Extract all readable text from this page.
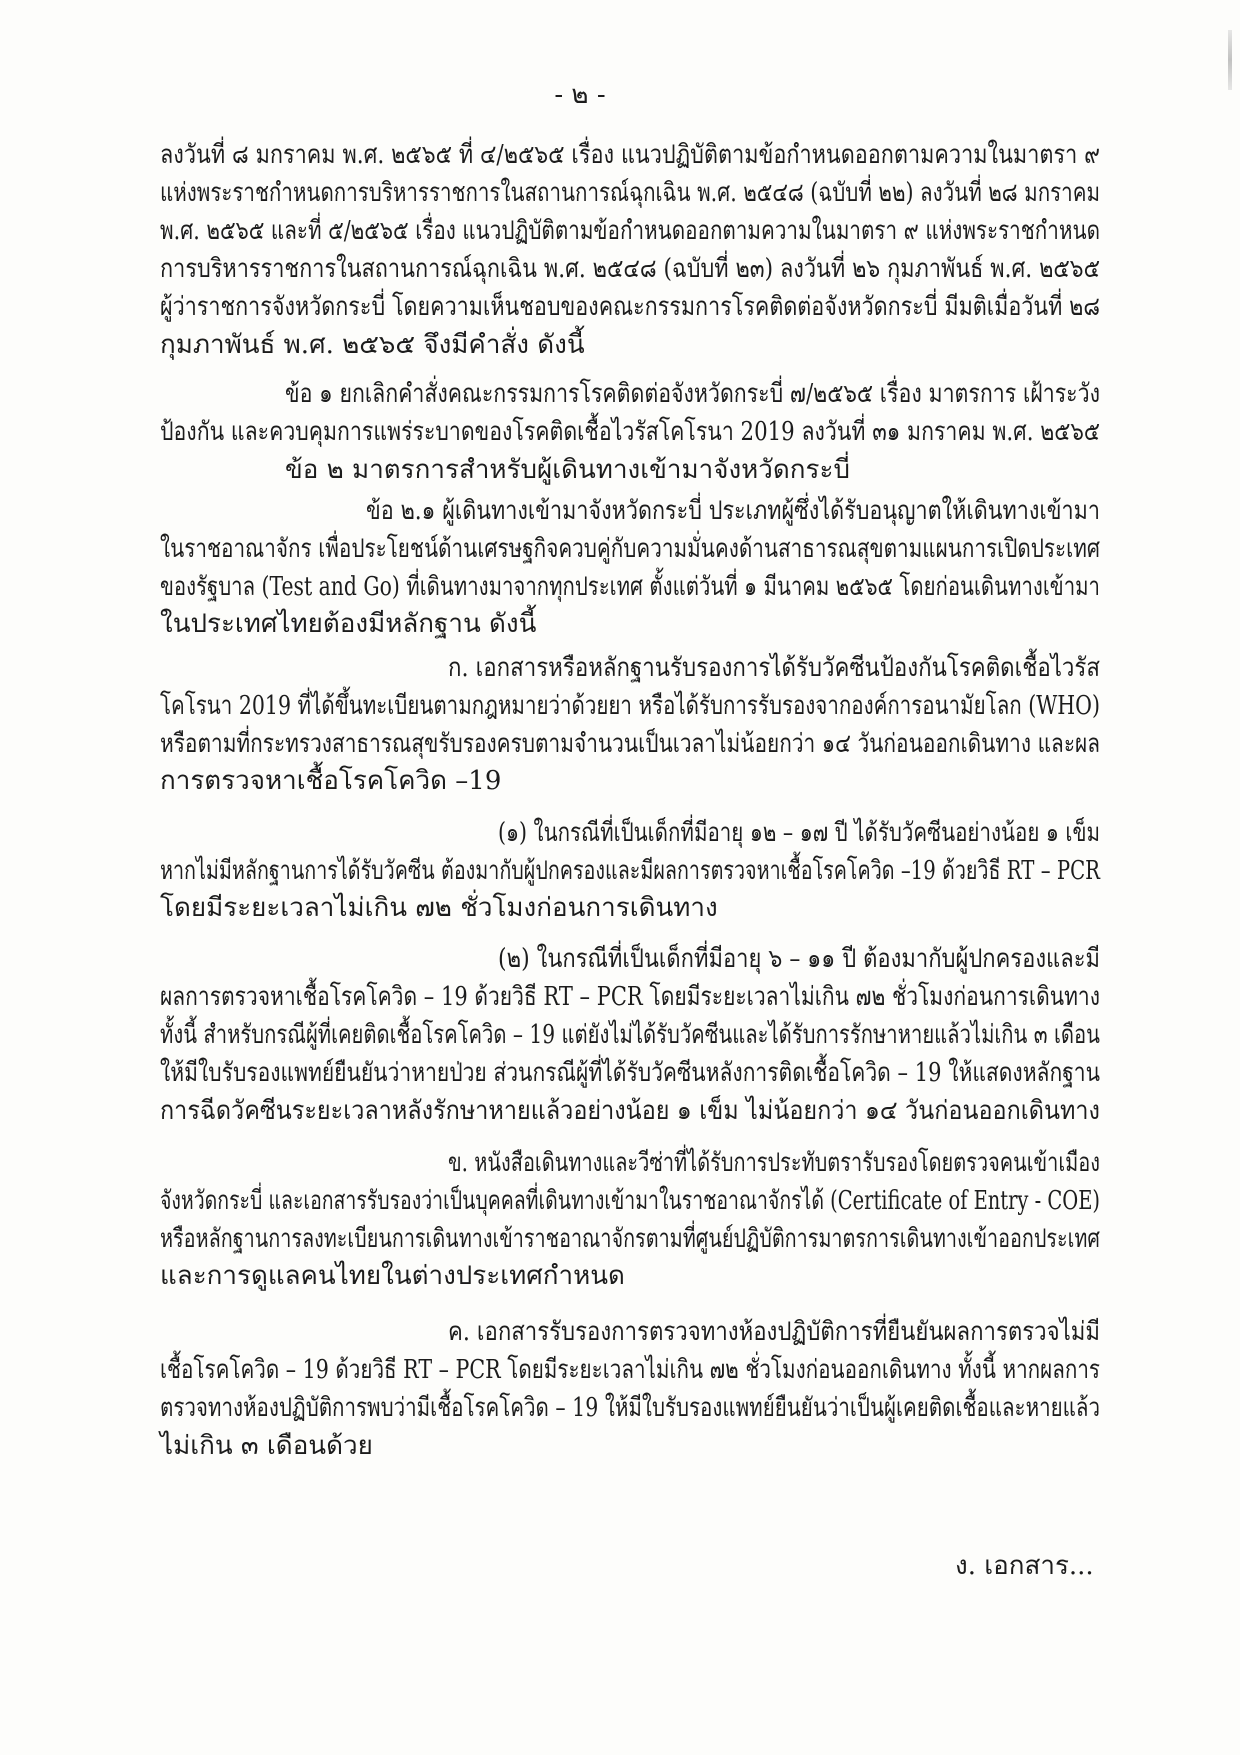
- ๒ -
ลงวันที่ ๘ มกราคม พ.ศ. ๒๕๖๕ ที่ ๔/๒๕๖๕ เรื่อง แนวปฏิบัติตามข้อกำหนดออกตามความในมาตรา ๙
แห่งพระราชกำหนดการบริหารราชการในสถานการณ์ฉุกเฉิน พ.ศ. ๒๕๔๘ (ฉบับที่ ๒๒) ลงวันที่ ๒๘ มกราคม
พ.ศ. ๒๕๖๕ และที่ ๕/๒๕๖๕ เรื่อง แนวปฏิบัติตามข้อกำหนดออกตามความในมาตรา ๙ แห่งพระราชกำหนด
การบริหารราชการในสถานการณ์ฉุกเฉิน พ.ศ. ๒๕๔๘ (ฉบับที่ ๒๓) ลงวันที่ ๒๖ กุมภาพันธ์ พ.ศ. ๒๕๖๕
ผู้ว่าราชการจังหวัดกระบี่ โดยความเห็นชอบของคณะกรรมการโรคติดต่อจังหวัดกระบี่ มีมติเมื่อวันที่ ๒๘
กุมภาพันธ์ พ.ศ. ๒๕๖๕ จึงมีคำสั่ง ดังนี้
ข้อ ๑ ยกเลิกคำสั่งคณะกรรมการโรคติดต่อจังหวัดกระบี่ ๗/๒๕๖๕ เรื่อง มาตรการ เฝ้าระวัง
ป้องกัน และควบคุมการแพร่ระบาดของโรคติดเชื้อไวรัสโคโรนา 2019 ลงวันที่ ๓๑ มกราคม พ.ศ. ๒๕๖๕
ข้อ ๒ มาตรการสำหรับผู้เดินทางเข้ามาจังหวัดกระบี่
ข้อ ๒.๑ ผู้เดินทางเข้ามาจังหวัดกระบี่ ประเภทผู้ซึ่งได้รับอนุญาตให้เดินทางเข้ามา
ในราชอาณาจักร เพื่อประโยชน์ด้านเศรษฐกิจควบคู่กับความมั่นคงด้านสาธารณสุขตามแผนการเปิดประเทศ
ของรัฐบาล (Test and Go) ที่เดินทางมาจากทุกประเทศ ตั้งแต่วันที่ ๑ มีนาคม ๒๕๖๕ โดยก่อนเดินทางเข้ามา
ในประเทศไทยต้องมีหลักฐาน ดังนี้
ก. เอกสารหรือหลักฐานรับรองการได้รับวัคซีนป้องกันโรคติดเชื้อไวรัส
โคโรนา 2019 ที่ได้ขึ้นทะเบียนตามกฎหมายว่าด้วยยา หรือได้รับการรับรองจากองค์การอนามัยโลก (WHO)
หรือตามที่กระทรวงสาธารณสุขรับรองครบตามจำนวนเป็นเวลาไม่น้อยกว่า ๑๔ วันก่อนออกเดินทาง และผล
การตรวจหาเชื้อโรคโควิด –19
(๑) ในกรณีที่เป็นเด็กที่มีอายุ ๑๒ – ๑๗ ปี ได้รับวัคซีนอย่างน้อย ๑ เข็ม
หากไม่มีหลักฐานการได้รับวัคซีน ต้องมากับผู้ปกครองและมีผลการตรวจหาเชื้อโรคโควิด –19 ด้วยวิธี RT – PCR
โดยมีระยะเวลาไม่เกิน ๗๒ ชั่วโมงก่อนการเดินทาง
(๒) ในกรณีที่เป็นเด็กที่มีอายุ ๖ – ๑๑ ปี ต้องมากับผู้ปกครองและมี
ผลการตรวจหาเชื้อโรคโควิด – 19 ด้วยวิธี RT – PCR โดยมีระยะเวลาไม่เกิน ๗๒ ชั่วโมงก่อนการเดินทาง
ทั้งนี้ สำหรับกรณีผู้ที่เคยติดเชื้อโรคโควิด – 19 แต่ยังไม่ได้รับวัคซีนและได้รับการรักษาหายแล้วไม่เกิน ๓ เดือน
ให้มีใบรับรองแพทย์ยืนยันว่าหายป่วย ส่วนกรณีผู้ที่ได้รับวัคซีนหลังการติดเชื้อโควิด – 19 ให้แสดงหลักฐาน
การฉีดวัคซีนระยะเวลาหลังรักษาหายแล้วอย่างน้อย ๑ เข็ม ไม่น้อยกว่า ๑๔ วันก่อนออกเดินทาง
ข. หนังสือเดินทางและวีซ่าที่ได้รับการประทับตรารับรองโดยตรวจคนเข้าเมือง
จังหวัดกระบี่ และเอกสารรับรองว่าเป็นบุคคลที่เดินทางเข้ามาในราชอาณาจักรได้ (Certificate of Entry - COE)
หรือหลักฐานการลงทะเบียนการเดินทางเข้าราชอาณาจักรตามที่ศูนย์ปฏิบัติการมาตรการเดินทางเข้าออกประเทศ
และการดูแลคนไทยในต่างประเทศกำหนด
ค. เอกสารรับรองการตรวจทางห้องปฏิบัติการที่ยืนยันผลการตรวจไม่มี
เชื้อโรคโควิด – 19 ด้วยวิธี RT – PCR โดยมีระยะเวลาไม่เกิน ๗๒ ชั่วโมงก่อนออกเดินทาง ทั้งนี้ หากผลการ
ตรวจทางห้องปฏิบัติการพบว่ามีเชื้อโรคโควิด – 19 ให้มีใบรับรองแพทย์ยืนยันว่าเป็นผู้เคยติดเชื้อและหายแล้ว
ไม่เกิน ๓ เดือนด้วย
ง. เอกสาร...
